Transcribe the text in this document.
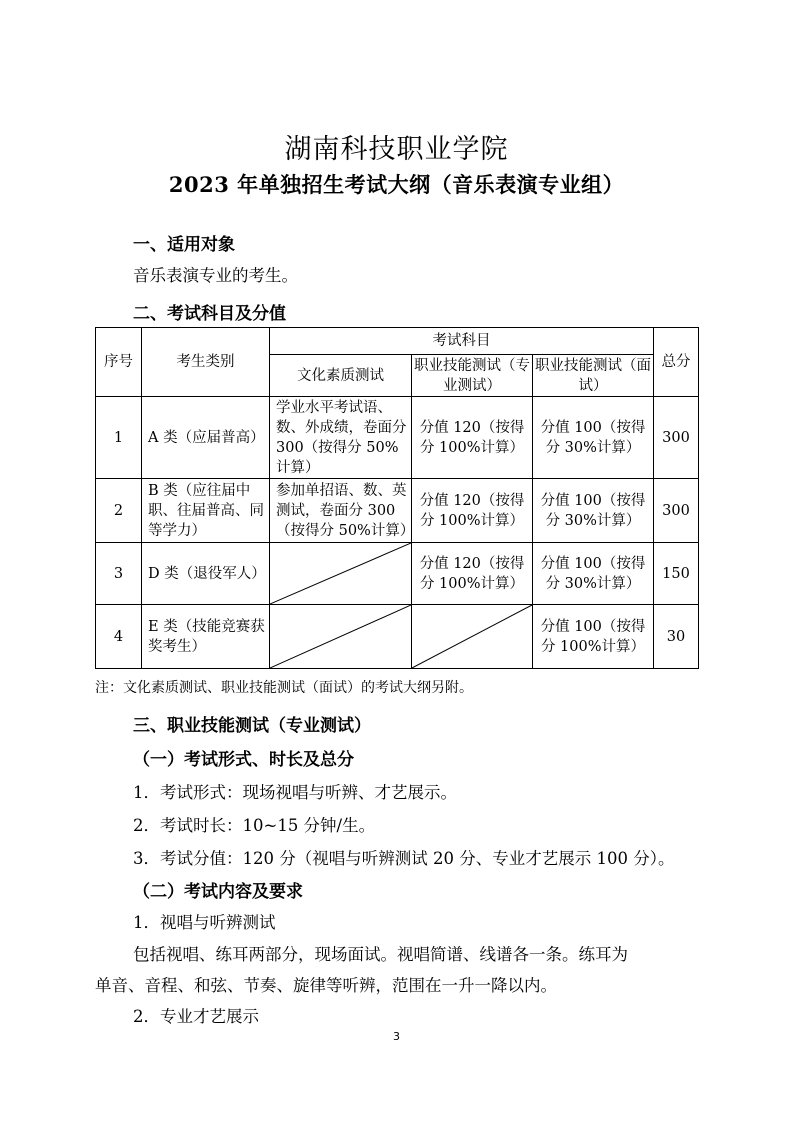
湖南科技职业学院
2023 年单独招生考试大纲（音乐表演专业组）
一、适用对象
音乐表演专业的考生。
二、考试科目及分值
序号	考生类别	考试科目			总分
		文化素质测试	职业技能测试（专业测试）	职业技能测试（面试）	
1	A 类（应届普高）	学业水平考试语、数、外成绩，卷面分 300（按得分 50%计算）	分值 120（按得分 100%计算）	分值 100（按得分 30%计算）	300
2	B 类（应往届中职、往届普高、同等学力）	参加单招语、数、英测试，卷面分 300（按得分 50%计算）	分值 120（按得分 100%计算）	分值 100（按得分 30%计算）	300
3	D 类（退役军人）		分值 120（按得分 100%计算）	分值 100（按得分 30%计算）	150
4	E 类（技能竞赛获奖考生）			分值 100（按得分 100%计算）	30
注：文化素质测试、职业技能测试（面试）的考试大纲另附。
三、职业技能测试（专业测试）
（一）考试形式、时长及总分
1．考试形式：现场视唱与听辨、才艺展示。
2．考试时长：10~15 分钟/生。
3．考试分值：120 分（视唱与听辨测试 20 分、专业才艺展示 100 分）。
（二）考试内容及要求
1．视唱与听辨测试
包括视唱、练耳两部分，现场面试。视唱简谱、线谱各一条。练耳为
单音、音程、和弦、节奏、旋律等听辨，范围在一升一降以内。
2．专业才艺展示
3
